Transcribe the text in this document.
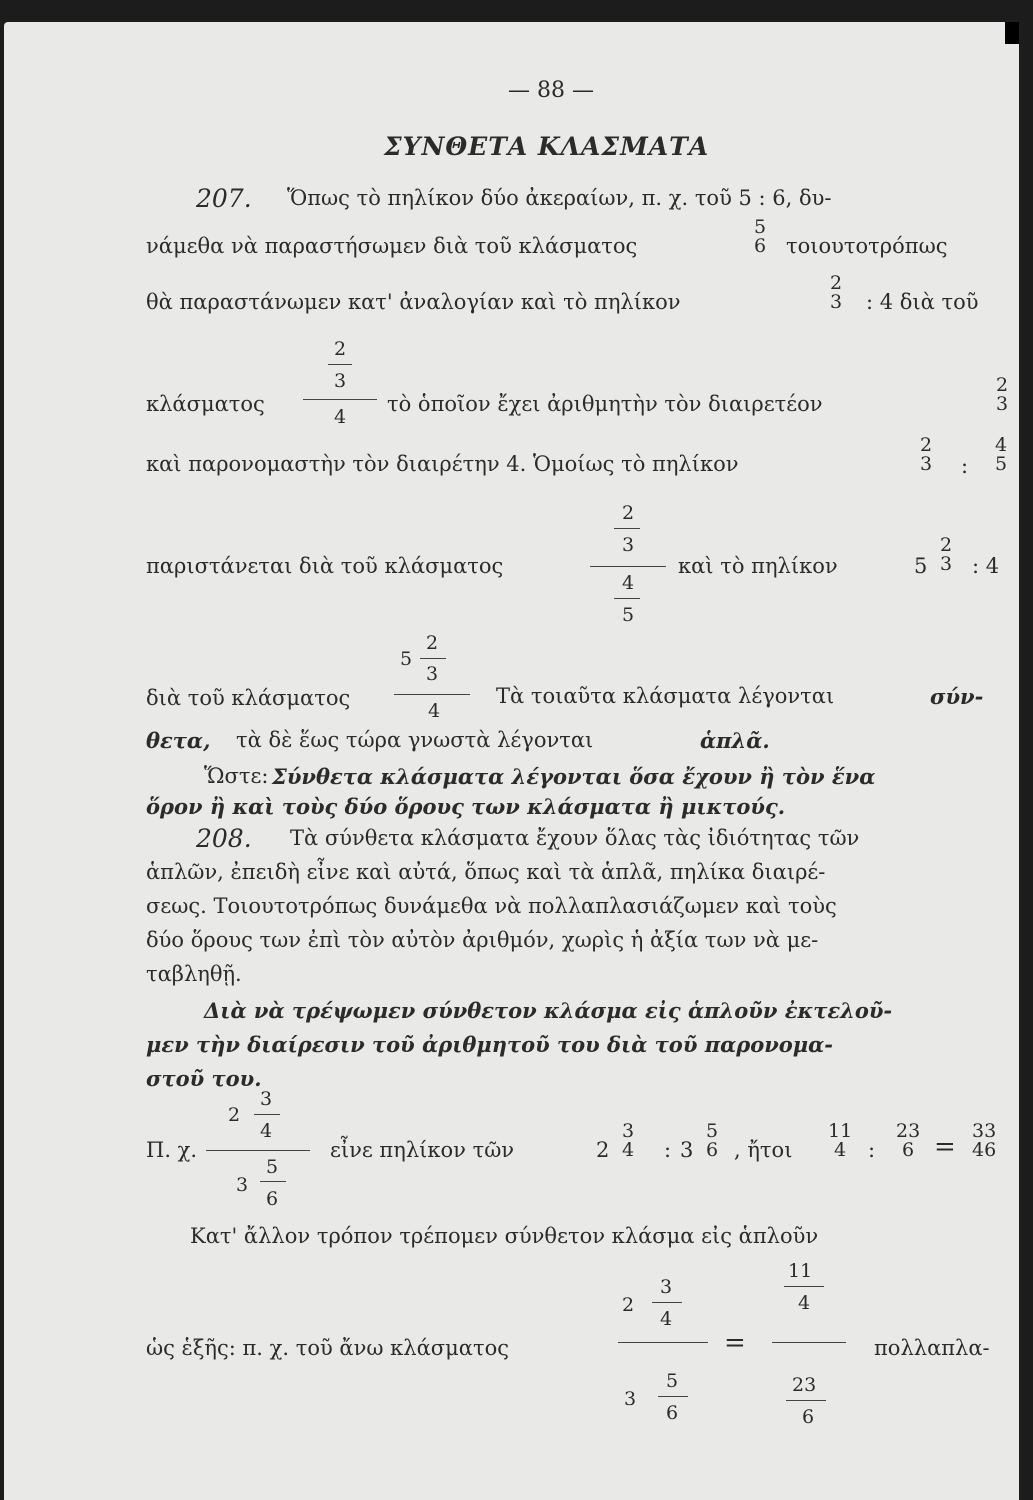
— 88 —
ΣΥΝΘΕΤΑ ΚΛΑΣΜΑΤΑ
207. Ὅπως τὸ πηλίκον δύο ἀκεραίων, π. χ. τοῦ 5 : 6, δυ-
νάμεθα νὰ παραστήσωμεν διὰ τοῦ κλάσματος
5
6 τοιουτοτρόπως
θὰ παραστάνωμεν κατ' ἀναλογίαν καὶ τὸ πηλίκον
2
3 : 4 διὰ τοῦ
κλάσματος
2
3
4
τὸ ὁποῖον ἔχει ἀριθμητὴν τὸν διαιρετέον
2
3
καὶ παρονομαστὴν τὸν διαιρέτην 4. Ὁμοίως τὸ πηλίκον
2
3 :
4
5
παριστάνεται διὰ τοῦ κλάσματος
2
3
4
5
καὶ τὸ πηλίκον	5
2
3 : 4
διὰ τοῦ κλάσματος
5
2
3
4
Τὰ τοιαῦτα κλάσματα λέγονται	σύν-
θετα, τὰ δὲ ἕως τώρα γνωστὰ λέγονται	ἁπλᾶ.
Ὥστε: Σύνθετα κλάσματα λέγονται ὅσα ἔχουν ἢ τὸν ἕνα
ὅρον ἢ καὶ τοὺς δύο ὅρους των κλάσματα ἢ μικτούς.
208. Τὰ σύνθετα κλάσματα ἔχουν ὅλας τὰς ἰδιότητας τῶν
ἁπλῶν, ἐπειδὴ εἶνε καὶ αὐτά, ὅπως καὶ τὰ ἁπλᾶ, πηλίκα διαιρέ-
σεως. Τοιουτοτρόπως δυνάμεθα νὰ πολλαπλασιάζωμεν καὶ τοὺς
δύο ὅρους των ἐπὶ τὸν αὐτὸν ἀριθμόν, χωρὶς ἡ ἀξία των νὰ με-
ταβληθῇ.
Διὰ νὰ τρέψωμεν σύνθετον κλάσμα εἰς ἁπλοῦν ἐκτελοῦ-
μεν τὴν διαίρεσιν τοῦ ἀριθμητοῦ του διὰ τοῦ παρονομα-
στοῦ του.
Π. χ.
2
3
4
3
5
6
εἶνε πηλίκον τῶν	2
3
4 : 3
5
6 , ἤτοι
11
4 :
23
6 =
33
46
Κατ' ἄλλον τρόπον τρέπομεν σύνθετον κλάσμα εἰς ἁπλοῦν
ὡς ἑξῆς: π. χ. τοῦ ἄνω κλάσματος
2
3
4
3
5
6
=
11
4
23
6
πολλαπλα-
